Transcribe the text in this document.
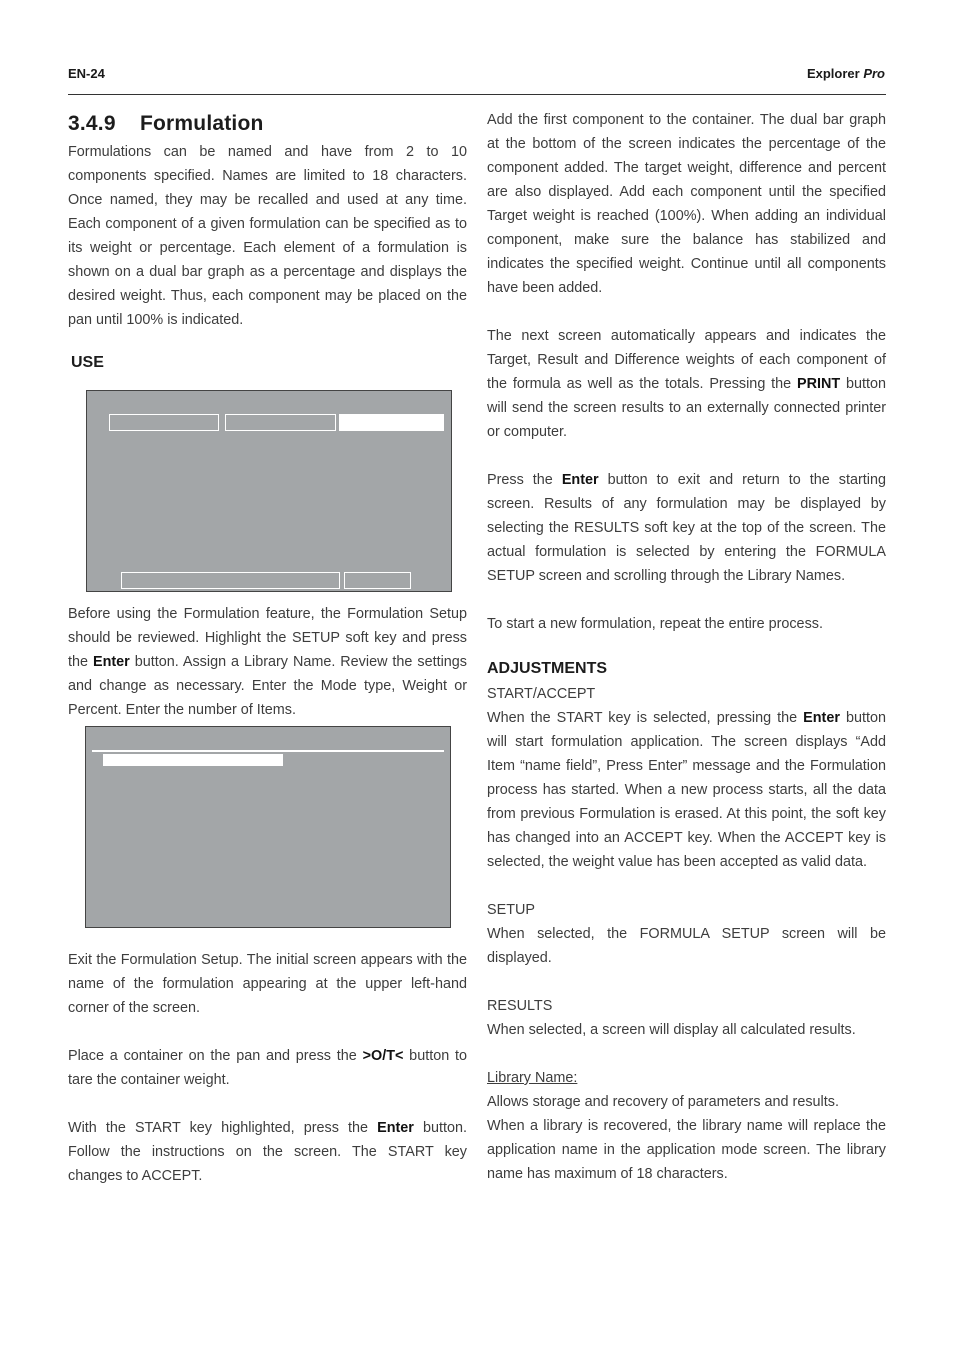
EN-24	Explorer Pro
3.4.9 Formulation

Formulations can be named and have from 2 to 10 components specified. Names are limited to 18 characters. Once named, they may be recalled and used at any time. Each component of a given formulation can be specified as to its weight or percentage. Each element of a formulation is shown on a dual bar graph as a percentage and displays the desired weight. Thus, each component may be placed on the pan until 100% is indicated.

USE

Before using the Formulation feature, the Formulation Setup should be reviewed. Highlight the SETUP soft key and press the Enter button. Assign a Library Name. Review the settings and change as necessary. Enter the Mode type, Weight or Percent. Enter the number of Items.

Exit the Formulation Setup. The initial screen appears with the name of the formulation appearing at the upper left-hand corner of the screen.

Place a container on the pan and press the >O/T< button to tare the container weight.

With the START key highlighted, press the Enter button. Follow the instructions on the screen. The START key changes to ACCEPT.

Add the first component to the container. The dual bar graph at the bottom of the screen indicates the percentage of the component added. The target weight, difference and percent are also displayed. Add each component until the specified Target weight is reached (100%). When adding an individual component, make sure the balance has stabilized and indicates the specified weight. Continue until all components have been added.

The next screen automatically appears and indicates the Target, Result and Difference weights of each component of the formula as well as the totals. Pressing the PRINT button will send the screen results to an externally connected printer or computer.

Press the Enter button to exit and return to the starting screen. Results of any formulation may be displayed by selecting the RESULTS soft key at the top of the screen. The actual formulation is selected by entering the FORMULA SETUP screen and scrolling through the Library Names.

To start a new formulation, repeat the entire process.

ADJUSTMENTS
START/ACCEPT

When the START key is selected, pressing the Enter button will start formulation application. The screen displays “Add Item “name field”, Press Enter” message and the Formulation process has started. When a new process starts, all the data from previous Formulation is erased. At this point, the soft key has changed into an ACCEPT key. When the ACCEPT key is selected, the weight value has been accepted as valid data.

SETUP

When selected, the FORMULA SETUP screen will be displayed.

RESULTS

When selected, a screen will display all calculated results.

Library Name:

Allows storage and recovery of parameters and results.

When a library is recovered, the library name will replace the application name in the application mode screen. The library name has maximum of 18 characters.
